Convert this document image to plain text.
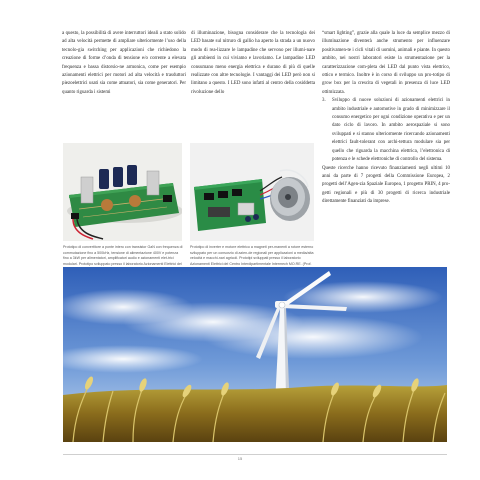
a questo, la possibilità di avere interruttori ideali a stato solido ad alta velocità permette di ampliare ulteriormente l’uso della tecnolo-gia switching per applicazioni che richiedono la creazione di forme d’onda di tensione e/o corrente a elevata frequenza e bassa distorsio-ne armonica, come per esempio azionamenti elettrici per motori ad alta velocità e trasduttori piezoelettrici usati sia come attuatori, sia come generatori. Per quanto riguarda i sistemi

di illuminazione, bisogna considerare che la tecnologia dei LED basate sul nitruro di gallio ha aperto la strada a un nuovo modo di rea-lizzare le lampadine che servono per illumi-nare gli ambienti in cui viviamo e lavoriamo. Le lampadine LED consumano meno energia elettrica e durano di più di quelle realizzate con altre tecnologie. I vantaggi dei LED però non si limitano a questo. I LED sono infatti al centro della cosiddetta rivoluzione dello

“smart lighting”, grazie alla quale la luce da semplice mezzo di illuminazione diventerà anche strumento per influenzare positivamen-te i cicli vitali di uomini, animali e piante. In questo ambito, nei nostri laboratori esiste la strumentazione per la caratterizzazione com-pleta dei LED dal punto vista elettrico, ottico e termico. Inoltre è in corso di sviluppo un pro-totipo di grow box per la crescita di vegetali in presenza di luce LED ottimizzata.

3. Sviluppo di nuove soluzioni di azionamenti elettrici in ambito industriale e automotive in grado di minimizzare il consumo energetico per ogni condizione operativa e per un dato ciclo di lavoro. In ambito aerospaziale si sono sviluppati e si stanno ulteriormente ricercando azionamenti elettrici fault-tolerant con archi-tettura modulare sia per quello che riguarda la macchina elettrica, l’elettronica di potenza e le schede elettroniche di controllo del sistema.

Queste ricerche hanno ricevuto finanziamenti negli ultimi 10 anni da parte di 7 progetti della Commissione Europea, 2 progetti dell’Agen-zia Spaziale Europea, 1 progetto PRIN, 4 pro-getti regionali e più di 30 progetti di ricerca industriale direttamente finanziati da imprese.

Prototipo di convertitore a ponte intero con transistor GaN con frequenza di commutazione fino a 500kHz, tensione di alimentazione 400V e potenza fino a 3kW per alimentatori, amplificatori audio e azionamenti elet-trici modulari. Prototipo sviluppato presso il laboratorio Azionamenti Elettrici del
Prototipo di inverter e motore elettrico a magneti per-manenti a rotore esterno sviluppato per un consorzio di azien-de regionali per applicazioni a media/alta velocità e macchi-nari agricoli. Prototipi sviluppati presso il laboratorio Azionamenti Elettrici del Centro Interdipartimentale Intermech MO.RE. (Prof.
15
